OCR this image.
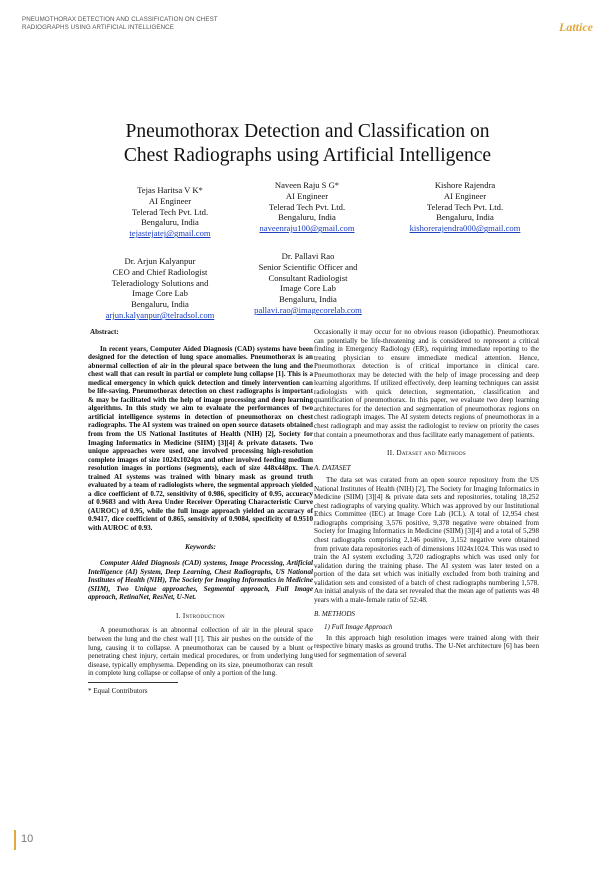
PNEUMOTHORAX DETECTION AND CLASSIFICATION ON CHEST RADIOGRAPHS USING ARTIFICIAL INTELLIGENCE	Lattice
Pneumothorax Detection and Classification on
Chest Radiographs using Artificial Intelligence
Tejas Haritsa V K*
AI Engineer
Telerad Tech Pvt. Ltd.
Bengaluru, India
tejastejatej@gmail.com
Naveen Raju S G*
AI Engineer
Telerad Tech Pvt. Ltd.
Bengaluru, India
naveenraju100@gmail.com
Kishore Rajendra
AI Engineer
Telerad Tech Pvt. Ltd.
Bengaluru, India
kishorerajendra000@gmail.com
Dr. Arjun Kalyanpur
CEO and Chief Radiologist
Teleradiology Solutions and
Image Core Lab
Bengaluru, India
arjun.kalyanpur@telradsol.com
Dr. Pallavi Rao
Senior Scientific Officer and
Consultant Radiologist
Image Core Lab
Bengaluru, India
pallavi.rao@imagecorelab.com
Abstract:

In recent years, Computer Aided Diagnosis (CAD) systems have been designed for the detection of lung space anomalies. Pneumothorax is an abnormal collection of air in the pleural space between the lung and the chest wall that can result in partial or complete lung collapse [1]. This is a medical emergency in which quick detection and timely intervention can be life-saving. Pneumothorax detection on chest radiographs is important & may be facilitated with the help of image processing and deep learning algorithms. In this study we aim to evaluate the performances of two artificial intelligence systems in detection of pneumothorax on chest radiographs. The AI system was trained on open source datasets obtained from from the US National Institutes of Health (NIH) [2], Society for Imaging Informatics in Medicine (SIIM) [3][4] & private datasets. Two unique approaches were used, one involved processing high-resolution complete images of size 1024x1024px and other involved feeding medium resolution images in portions (segments), each of size 448x448px. The trained AI systems was trained with binary mask as ground truth evaluated by a team of radiologists where, the segmental approach yielded a dice coefficient of 0.72, sensitivity of 0.986, specificity of 0.95, accuracy of 0.9683 and with Area Under Receiver Operating Characteristic Curve (AUROC) of 0.95, while the full image approach yielded an accuracy of 0.9417, dice coefficient of 0.865, sensitivity of 0.9084, specificity of 0.9510 with AUROC of 0.93.

Keywords:

Computer Aided Diagnosis (CAD) systems, Image Processing, Artificial Intelligence (AI) System, Deep Learning, Chest Radiographs, US National Institutes of Health (NIH), The Society for Imaging Informatics in Medicine (SIIM), Two Unique approaches, Segmental approach, Full Image approach, RetinaNet, ResNet, U-Net.

I. Introduction

A pneumothorax is an abnormal collection of air in the pleural space between the lung and the chest wall [1]. This air pushes on the outside of the lung, causing it to collapse. A pneumothorax can be caused by a blunt or penetrating chest injury, certain medical procedures, or from underlying lung disease, typically emphysema. Depending on its size, pneumothorax can result in complete lung collapse or collapse of only a portion of the lung.

* Equal Contributors

Occasionally it may occur for no obvious reason (idiopathic). Pneumothorax can potentially be life-threatening and is considered to represent a critical finding in Emergency Radiology (ER), requiring immediate reporting to the treating physician to ensure immediate medical attention. Hence, Pneumothorax detection is of critical importance in clinical care. Pneumothorax may be detected with the help of image processing and deep learning algorithms. If utilized effectively, deep learning techniques can assist radiologists with quick detection, segmentation, classification and quantification of pneumothorax. In this paper, we evaluate two deep learning architectures for the detection and segmentation of pneumothorax regions on chest radiograph images. The AI system detects regions of pneumothorax in a chest radiograph and may assist the radiologist to review on priority the cases that contain a pneumothorax and thus facilitate early management of patients.

II. Dataset and Methods
A. DATASET

The data set was curated from an open source repository from the US National Institutes of Health (NIH) [2], The Society for Imaging Informatics in Medicine (SIIM) [3][4] & private data sets and repositories, totaling 18,252 chest radiographs of varying quality. Which was approved by our Institutional Ethics Committee (IEC) at Image Core Lab (ICL). A total of 12,954 chest radiographs comprising 3,576 positive, 9,378 negative were obtained from Society for Imaging Informatics in Medicine (SIIM) [3][4] and a total of 5,298 chest radiographs comprising 2,146 positive, 3,152 negative were obtained from private data repositories each of dimensions 1024x1024. This was used to train the AI system excluding 3,720 radiographs which was used only for validation during the training phase. The AI system was later tested on a portion of the data set which was initially excluded from both training and validation sets and consisted of a batch of chest radiographs numbering 1,578. An initial analysis of the data set revealed that the mean age of patients was 48 years with a male-female ratio of 52:48.

B. METHODS
1) Full Image Approach

In this approach high resolution images were trained along with their respective binary masks as ground truths. The U-Net architecture [6] has been used for segmentation of several

10
